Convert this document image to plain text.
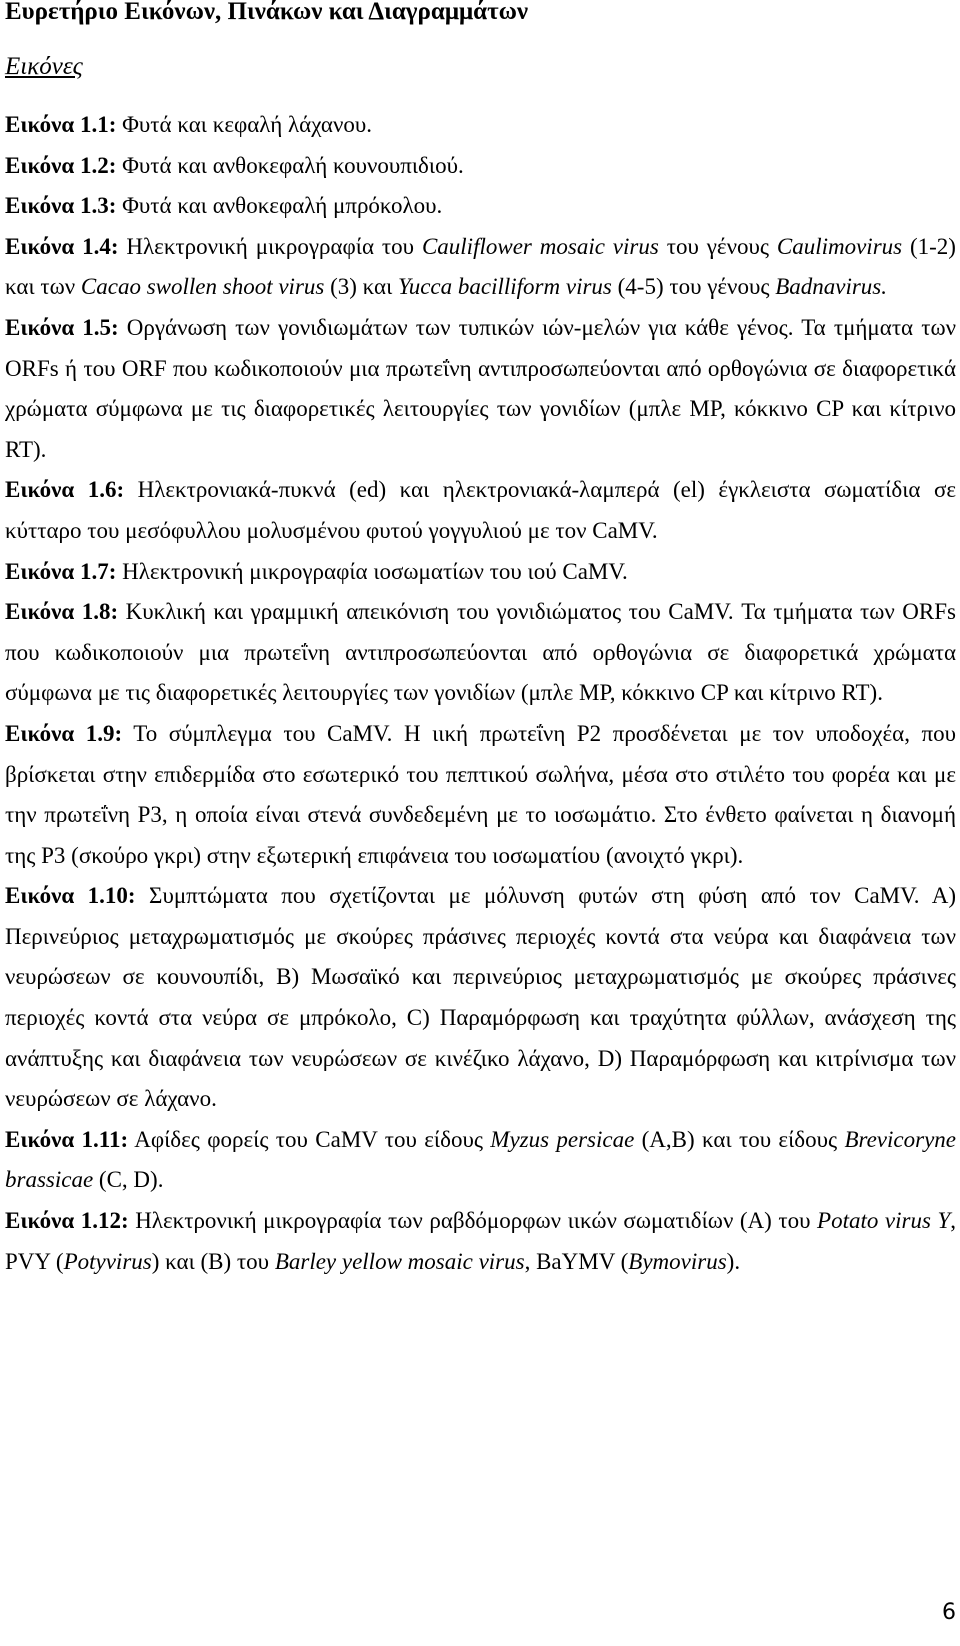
Ευρετήριο Εικόνων, Πινάκων και Διαγραμμάτων
Εικόνες

Εικόνα 1.1: Φυτά και κεφαλή λάχανου.

Εικόνα 1.2: Φυτά και ανθοκεφαλή κουνουπιδιού.

Εικόνα 1.3: Φυτά και ανθοκεφαλή μπρόκολου.

Εικόνα 1.4: Ηλεκτρονική μικρογραφία του Cauliflower mosaic virus του γένους Caulimovirus (1-2) και των Cacao swollen shoot virus (3) και Yucca bacilliform virus (4-5) του γένους Badnavirus.

Εικόνα 1.5: Οργάνωση των γονιδιωμάτων των τυπικών ιών-μελών για κάθε γένος. Τα τμήματα των ORFs ή του ORF που κωδικοποιούν μια πρωτεΐνη αντιπροσωπεύονται από ορθογώνια σε διαφορετικά χρώματα σύμφωνα με τις διαφορετικές λειτουργίες των γονιδίων (μπλε MP, κόκκινο CP και κίτρινο RT).

Εικόνα 1.6: Ηλεκτρονιακά-πυκνά (ed) και ηλεκτρονιακά-λαμπερά (el) έγκλειστα σωματίδια σε κύτταρο του μεσόφυλλου μολυσμένου φυτού γογγυλιού με τον CaMV.

Εικόνα 1.7: Ηλεκτρονική μικρογραφία ιοσωματίων του ιού CaMV.

Εικόνα 1.8: Κυκλική και γραμμική απεικόνιση του γονιδιώματος του CaMV. Τα τμήματα των ORFs που κωδικοποιούν μια πρωτεΐνη αντιπροσωπεύονται από ορθογώνια σε διαφορετικά χρώματα σύμφωνα με τις διαφορετικές λειτουργίες των γονιδίων (μπλε MP, κόκκινο CP και κίτρινο RT).

Εικόνα 1.9: Το σύμπλεγμα του CaMV. Η ιική πρωτεΐνη P2 προσδένεται με τον υποδοχέα, που βρίσκεται στην επιδερμίδα στο εσωτερικό του πεπτικού σωλήνα, μέσα στο στιλέτο του φορέα και με την πρωτεΐνη P3, η οποία είναι στενά συνδεδεμένη με το ιοσωμάτιο. Στο ένθετο φαίνεται η διανομή της P3 (σκούρο γκρι) στην εξωτερική επιφάνεια του ιοσωματίου (ανοιχτό γκρι).

Εικόνα 1.10: Συμπτώματα που σχετίζονται με μόλυνση φυτών στη φύση από τον CaMV. A) Περινεύριος μεταχρωματισμός με σκούρες πράσινες περιοχές κοντά στα νεύρα και διαφάνεια των νευρώσεων σε κουνουπίδι, B) Μωσαϊκό και περινεύριος μεταχρωματισμός με σκούρες πράσινες περιοχές κοντά στα νεύρα σε μπρόκολο, C) Παραμόρφωση και τραχύτητα φύλλων, ανάσχεση της ανάπτυξης και διαφάνεια των νευρώσεων σε κινέζικο λάχανο, D) Παραμόρφωση και κιτρίνισμα των νευρώσεων σε λάχανο.

Εικόνα 1.11: Αφίδες φορείς του CaMV του είδους Myzus persicae (A,B) και του είδους Brevicoryne brassicae (C, D).

Εικόνα 1.12: Ηλεκτρονική μικρογραφία των ραβδόμορφων ιικών σωματιδίων (A) του Potato virus Y, PVY (Potyvirus) και (B) του Barley yellow mosaic virus, BaYMV (Bymovirus).

6
